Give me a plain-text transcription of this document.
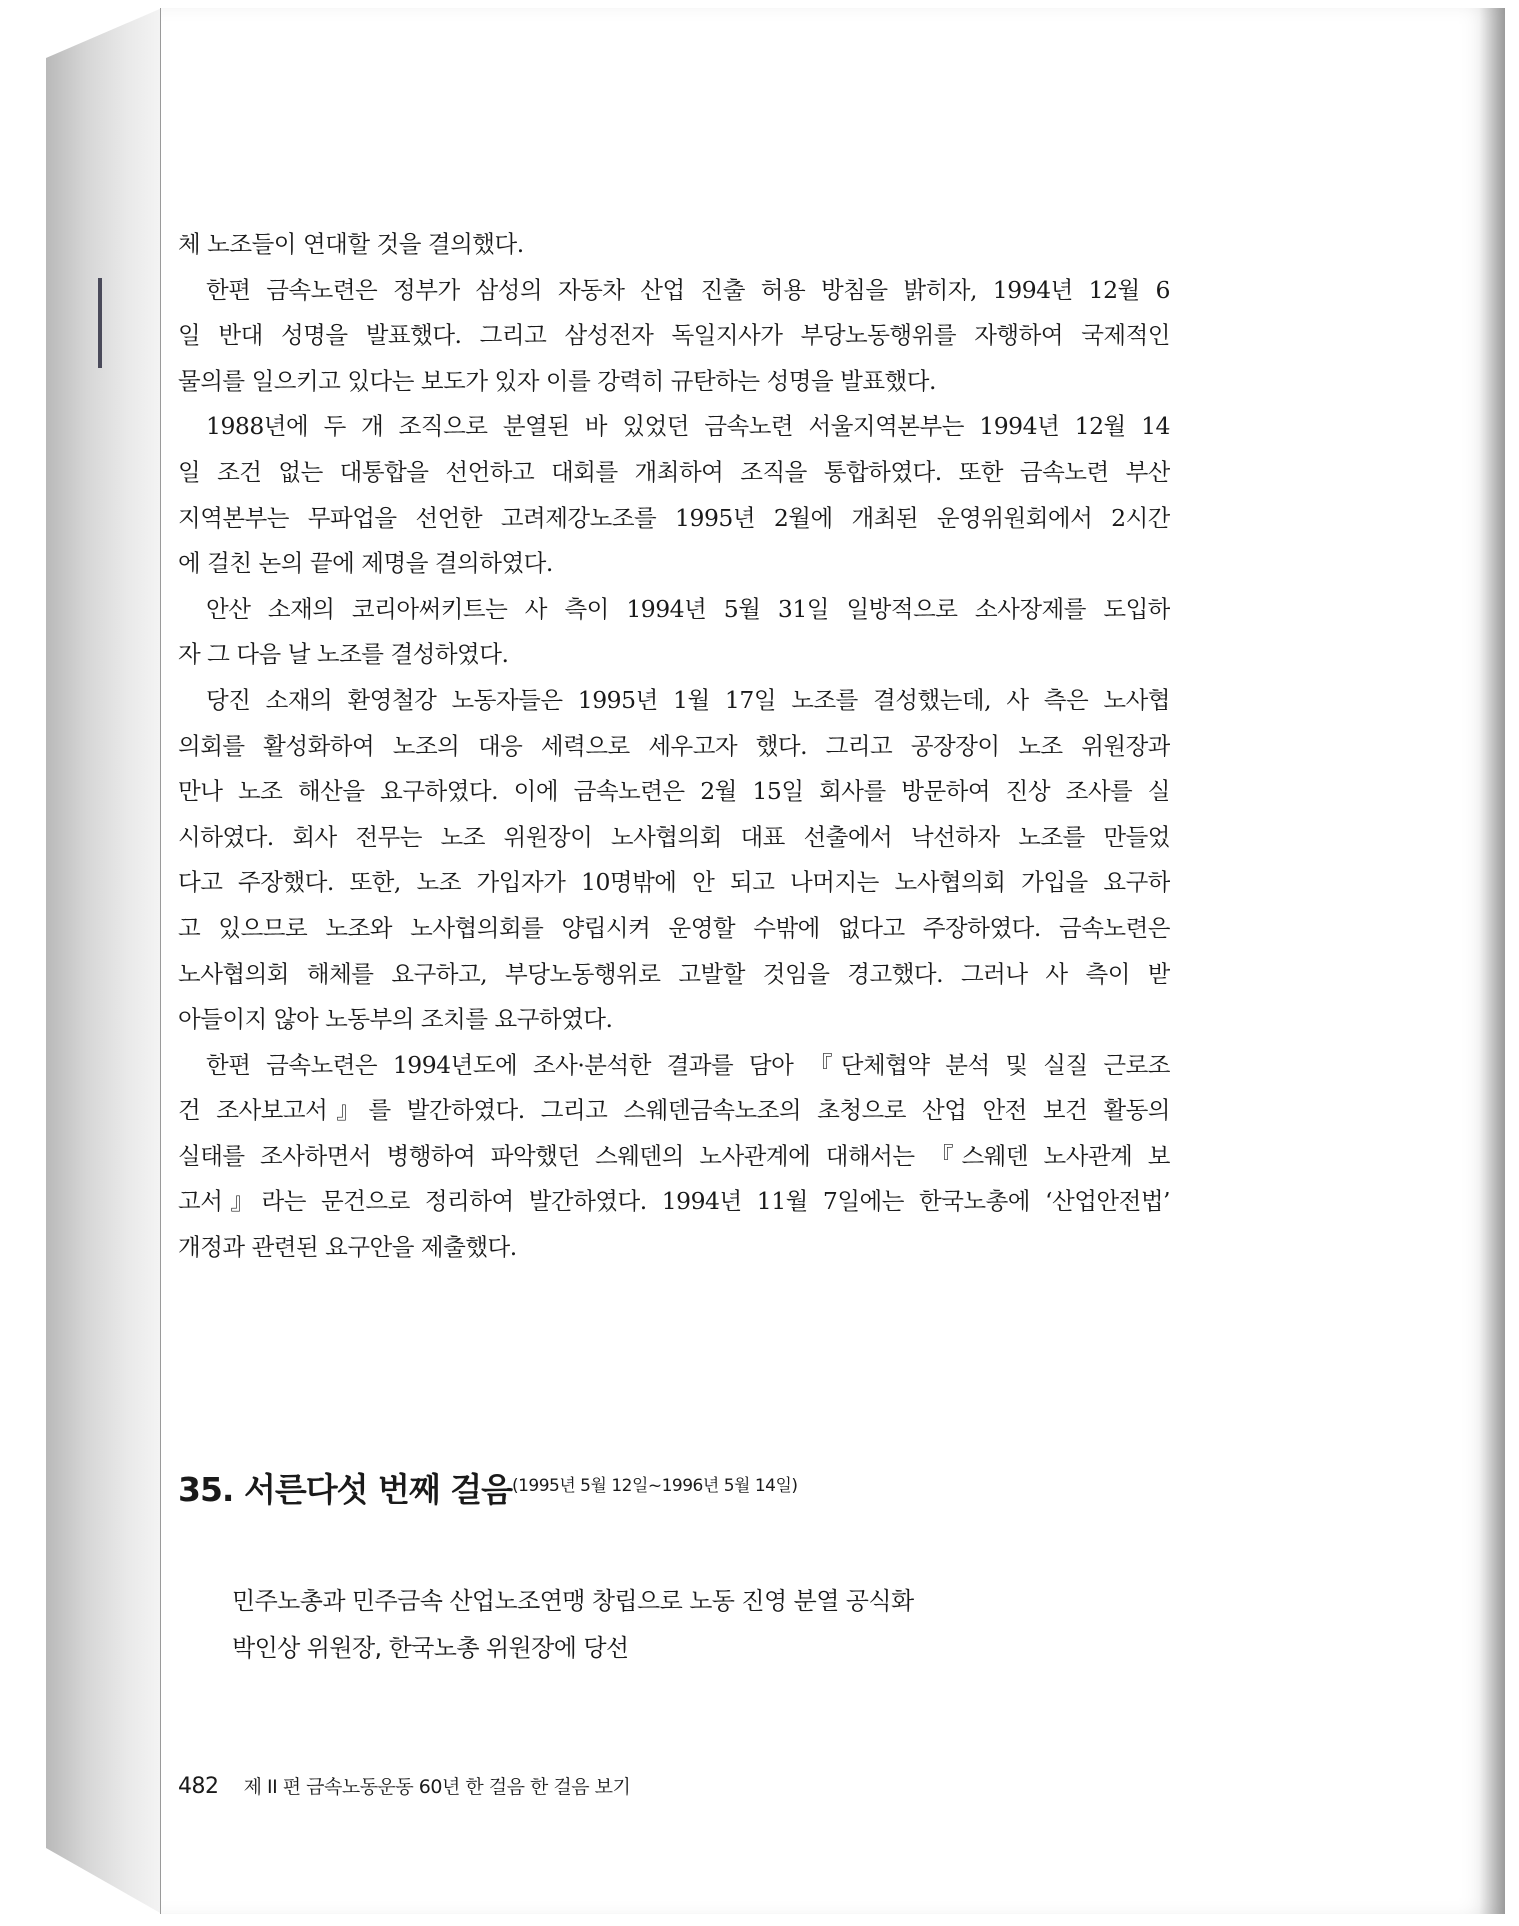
체 노조들이 연대할 것을 결의했다.
한편 금속노련은 정부가 삼성의 자동차 산업 진출 허용 방침을 밝히자, 1994년 12월 6
일 반대 성명을 발표했다. 그리고 삼성전자 독일지사가 부당노동행위를 자행하여 국제적인
물의를 일으키고 있다는 보도가 있자 이를 강력히 규탄하는 성명을 발표했다.
1988년에 두 개 조직으로 분열된 바 있었던 금속노련 서울지역본부는 1994년 12월 14
일 조건 없는 대통합을 선언하고 대회를 개최하여 조직을 통합하였다. 또한 금속노련 부산
지역본부는 무파업을 선언한 고려제강노조를 1995년 2월에 개최된 운영위원회에서 2시간
에 걸친 논의 끝에 제명을 결의하였다.
안산 소재의 코리아써키트는 사 측이 1994년 5월 31일 일방적으로 소사장제를 도입하
자 그 다음 날 노조를 결성하였다.
당진 소재의 환영철강 노동자들은 1995년 1월 17일 노조를 결성했는데, 사 측은 노사협
의회를 활성화하여 노조의 대응 세력으로 세우고자 했다. 그리고 공장장이 노조 위원장과
만나 노조 해산을 요구하였다. 이에 금속노련은 2월 15일 회사를 방문하여 진상 조사를 실
시하였다. 회사 전무는 노조 위원장이 노사협의회 대표 선출에서 낙선하자 노조를 만들었
다고 주장했다. 또한, 노조 가입자가 10명밖에 안 되고 나머지는 노사협의회 가입을 요구하
고 있으므로 노조와 노사협의회를 양립시켜 운영할 수밖에 없다고 주장하였다. 금속노련은
노사협의회 해체를 요구하고, 부당노동행위로 고발할 것임을 경고했다. 그러나 사 측이 받
아들이지 않아 노동부의 조치를 요구하였다.
한편 금속노련은 1994년도에 조사·분석한 결과를 담아 『단체협약 분석 및 실질 근로조
건 조사보고서』를 발간하였다. 그리고 스웨덴금속노조의 초청으로 산업 안전 보건 활동의
실태를 조사하면서 병행하여 파악했던 스웨덴의 노사관계에 대해서는 『스웨덴 노사관계 보
고서』라는 문건으로 정리하여 발간하였다. 1994년 11월 7일에는 한국노총에 ‘산업안전법’
개정과 관련된 요구안을 제출했다.
35. 서른다섯 번째 걸음$^{(1995년 5월 12일\sim 1996년 5월 14일)}$
민주노총과 민주금속 산업노조연맹 창립으로 노동 진영 분열 공식화
박인상 위원장, 한국노총 위원장에 당선
482 제 II 편 금속노동운동 60년 한 걸음 한 걸음 보기
